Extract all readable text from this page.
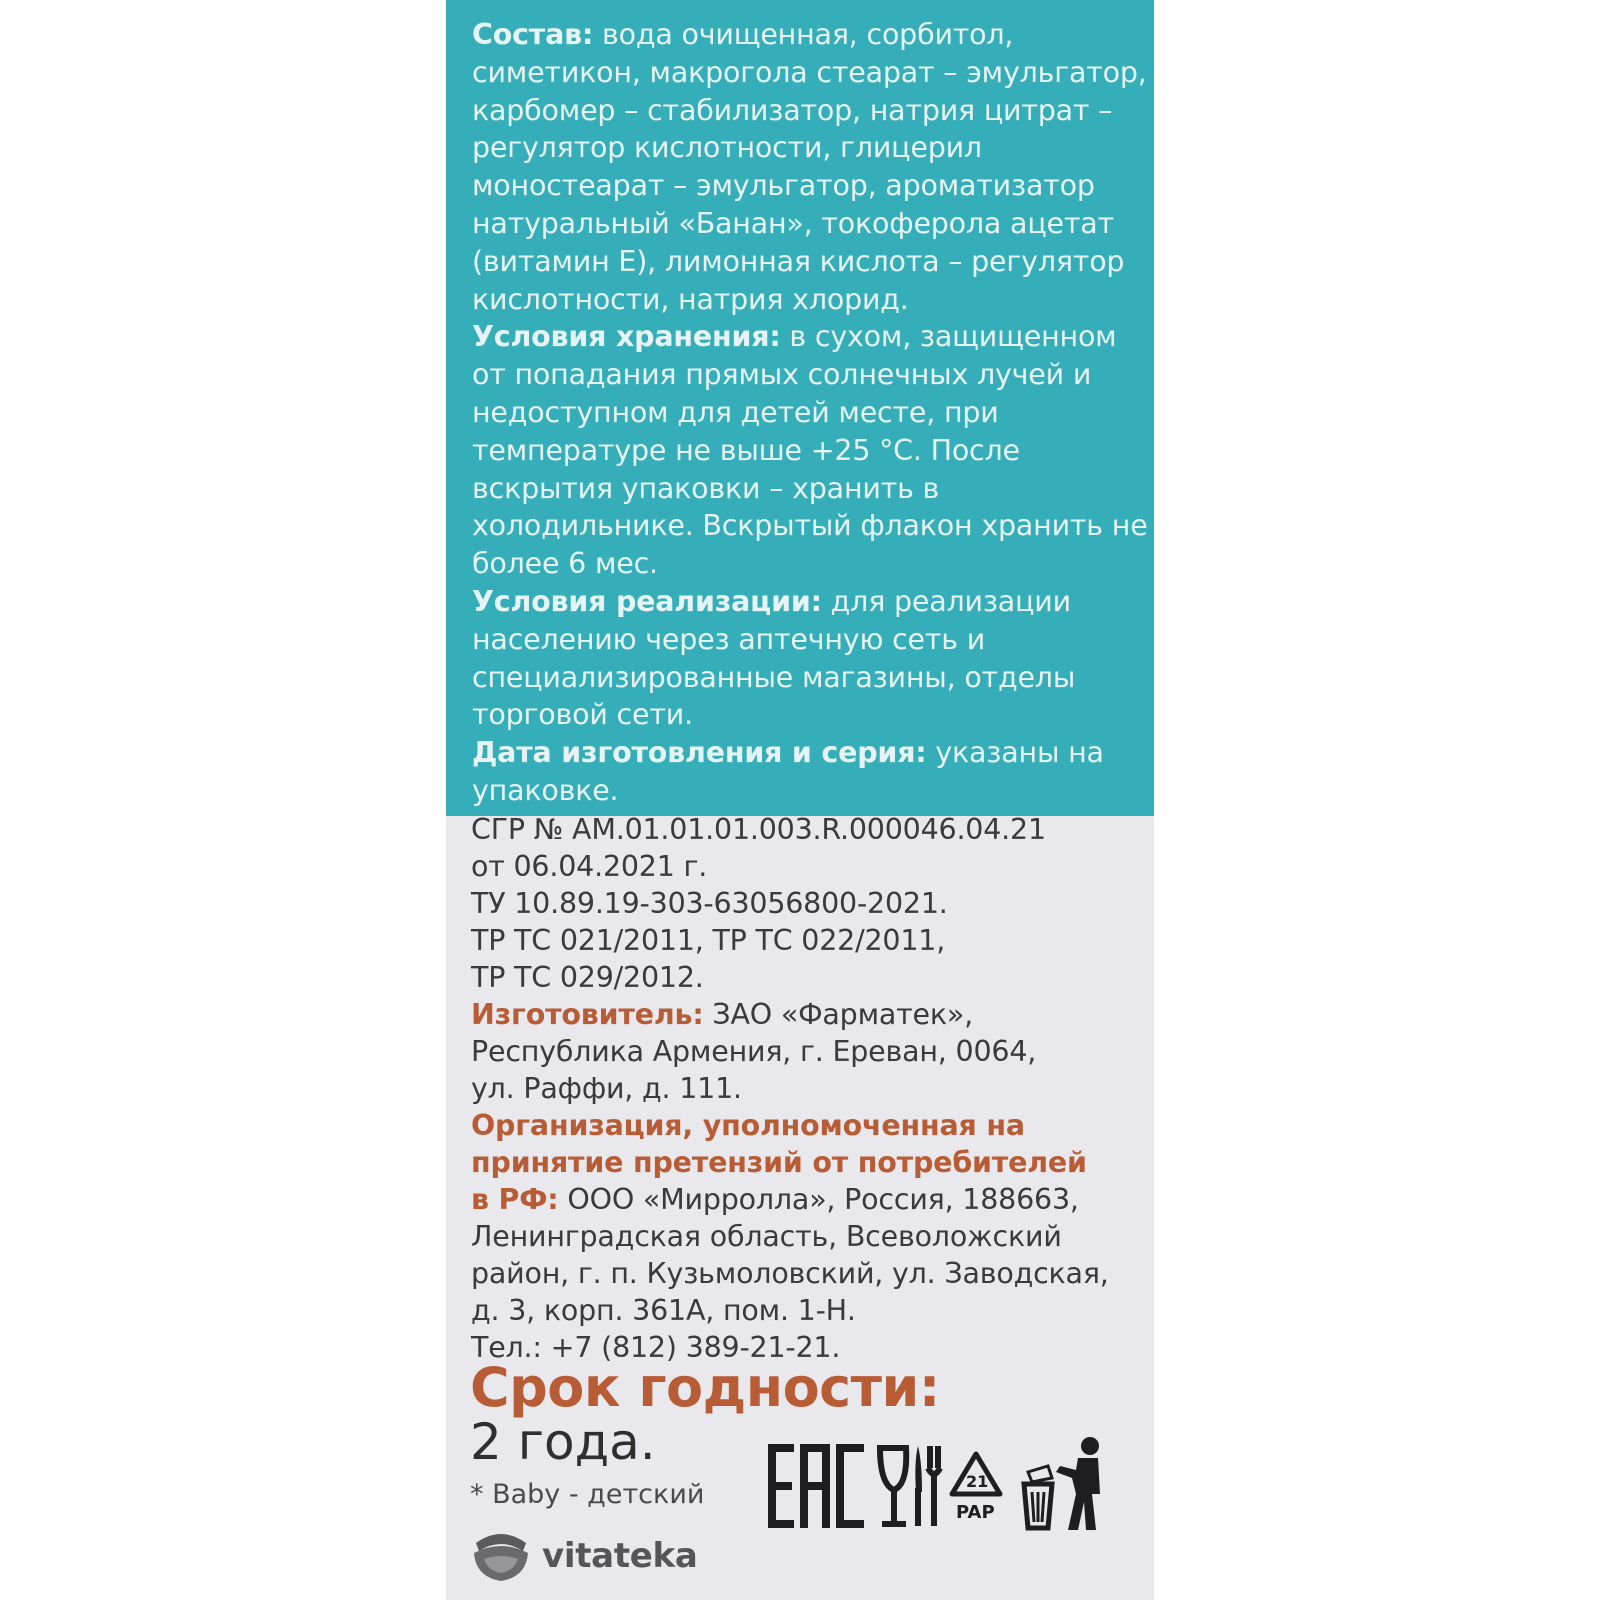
Состав: вода очищенная, сорбитол, симетикон, макрогола стеарат – эмульгатор, карбомер – стабилизатор, натрия цитрат – регулятор кислотности, глицерил моностеарат – эмульгатор, ароматизатор натуральный «Банан», токоферола ацетат (витамин Е), лимонная кислота – регулятор кислотности, натрия хлорид.

Условия хранения: в сухом, защищенном от попадания прямых солнечных лучей и недоступном для детей месте, при температуре не выше +25 °С. После вскрытия упаковки – хранить в холодильнике. Вскрытый флакон хранить не более 6 мес.

Условия реализации: для реализации населению через аптечную сеть и специализированные магазины, отделы торговой сети.

Дата изготовления и серия: указаны на упаковке.

СГР № AM.01.01.01.003.R.000046.04.21

от 06.04.2021 г.

ТУ 10.89.19-303-63056800-2021.

ТР ТС 021/2011, ТР ТС 022/2011,

ТР ТС 029/2012.

Изготовитель: ЗАО «Фарматек»,

Республика Армения, г. Ереван, 0064,

ул. Раффи, д. 111.

Организация, уполномоченная на

принятие претензий от потребителей

в РФ: ООО «Мирролла», Россия, 188663,

Ленинградская область, Всеволожский

район, г. п. Кузьмоловский, ул. Заводская,

д. 3, корп. 361А, пом. 1-Н.

Тел.: +7 (812) 389-21-21.

Срок годности:
2 года.
* Baby - детский
vitateka
21
PAP
